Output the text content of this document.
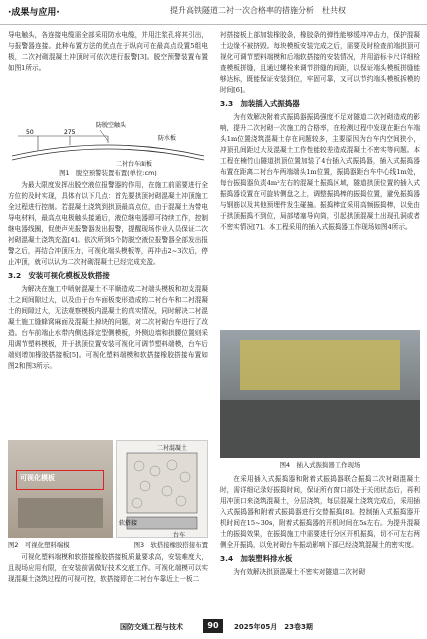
·成果与应用·	提升高铁隧道二衬一次合格率的措施分析　杜共权

导电触头，各连接电缆需全部采用防水电缆，并用注浆孔将其引出，与报警器连接。此种布置方法的优点在于纵向可在最高点设置5组电极，二次衬砌混凝土冲顶时可依次进行报警[3]。脱空预警装置布置如图1所示。

防脱空触头
50	275
防水板
二衬台车面板
图1　脱空预警装置布置(单位:cm)

为最大限度发挥出脱空液位报警器的作用，在施工前需要进行全方位的及时实现，具体有以下几点：首先要拱顶衬砌混凝土冲顶施工全过程进行控制。若混凝土浇筑到拱顶最高点位，由于混凝土为带电导电材料，最高点电极触头接通后，液位继电器即可持续工作，控制继电器线圈，促使声光报警器发出报警，提醒现场作业人员保证二次衬砌混凝土浇筑充盈[4]。依次所到5个防脱空液位报警器全部发出报警之后，再结合冲顶压力，可视化端头模板等，再冲击2~3次后，停止冲顶，就可以认为二次衬砌混凝土已经完成充盈。

3.2　安装可视化模板及软搭接

为解决在施工中喷射混凝土不平顺造成二衬端头模板和初支混凝土之间间隙过大，以及由于台车面板变形造成的二衬台车和二衬混凝土的间隙过大，无法观察模板内混凝土的真实情况，同时解决二衬混凝土施工缝蜂窝麻面及混凝土掉块的问题，对二次衬砌台车进行了改造。台车前端止水带内侧选择定型侧模板，外侧边墙和拱腰位置则采用调节塑料模板，并于拱顶位置安装可视化可调节塑料端模，台车后端则增加橡胶搭接板[5]。可视化塑料端模和软搭接橡胶搭接布置如图2和图3所示。

可视化模板
二衬混凝土
软搭接
台车
图2　可视化塑料端模	图3　软搭接橡胶搭接布置

可视化塑料端模和软搭接橡胶搭接板质量要求高，安装难度大，且现场应用有限，在安装前需做好技术交底工作。可视化端模可以实现混凝土浇筑过程的可视可控，软搭接即在二衬台车靠近上一板二

衬搭接板上部加装橡胶条，橡胶条的弹性能够缓冲冲击力，保护混凝土边缘不被挤毁。每块模板安装完成之后，需要及时检查前端拱顶可视化可调节塑料端模和后端软搭接的安装情况，并用游标卡尺详细检查模板拼缝，且通过螺栓来调节拼缝的间距，以保证端头模板拼缝能够达标，既能保证安装到位，牢固可靠，又可以节约端头模板拆模的时间[6]。

3.3　加装插入式振捣器

为有效解决附着式振捣器振捣强度不足对隧道二次衬砌造成的影响，提升二次衬砌一次施工的合格率，在检测过程中发现在距台车端头1m位置浇筑混凝土存在问题较多，主要原因为台车内空间狭小，冲顶孔间距过大及混凝土工作性能较差造成混凝土不密实等问题。本工程在楠竹山隧道拱顶位置加装了4台插入式振捣器，插入式振捣器布置在距离二衬台车两端端头1m位置，振捣器距台车中心线1m处，每台振捣器负责4m²左右的混凝土振捣区域，隧道拱顶位置的插入式振捣器设置在可旋转侧盘之上，调整振捣棒的振捣位置，避免振捣器与钢筋以及其他预埋件发生碰撞。振捣棒宜采用高频振捣棒，以免由于拱顶振捣不到位，局部堵塞导向筒，引起拱顶混凝土出现孔洞或者不密实情况[7]。本工程采用的插入式振捣器工作现场如图4所示。

图4　插入式振捣器工作现场

在采用插入式振捣器和附着式振捣器联合振捣二次衬砌混凝土时，需详细记录好振捣时间，保证所有窗口部处于关闭状态后，再利用冲顶口来浇筑混凝土，分层浇筑，每层混凝土浇筑完成后，采用插入式振捣器和附着式振捣器进行交替振捣[8]。控制插入式振捣器开机时间在15~30s，附着式振捣器的开机时间在5s左右。为提升混凝土的振捣效果，在振捣施工中需要进行分区开机振捣，切不可左右两侧全开振捣，以免衬砌台车振动影响下部已经浇筑混凝土的密实度。

3.4　加装塑料排水板

为有效解决拱顶混凝土不密实对隧道二次衬砌

国防交通工程与技术	90	2025年05月　23卷3期
